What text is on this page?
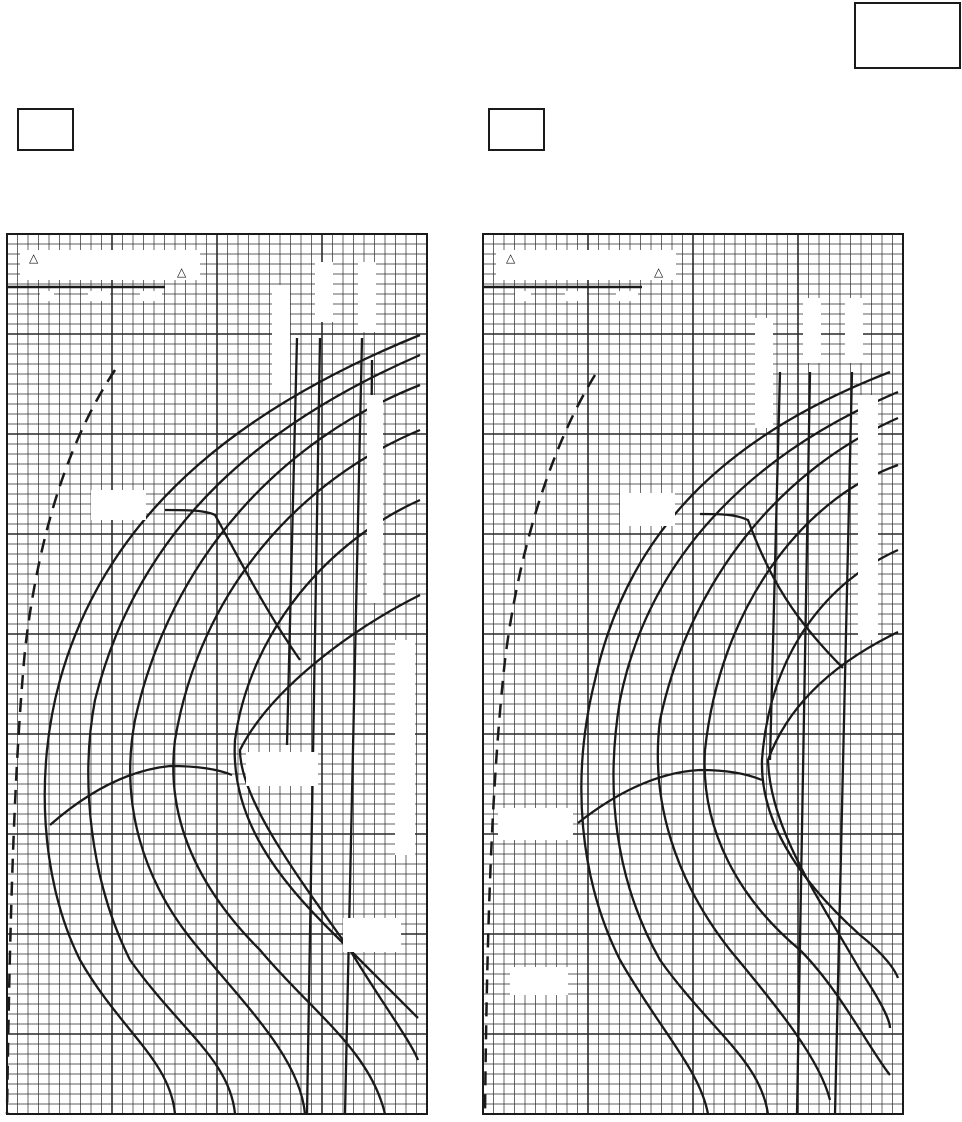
△
△
△
△
